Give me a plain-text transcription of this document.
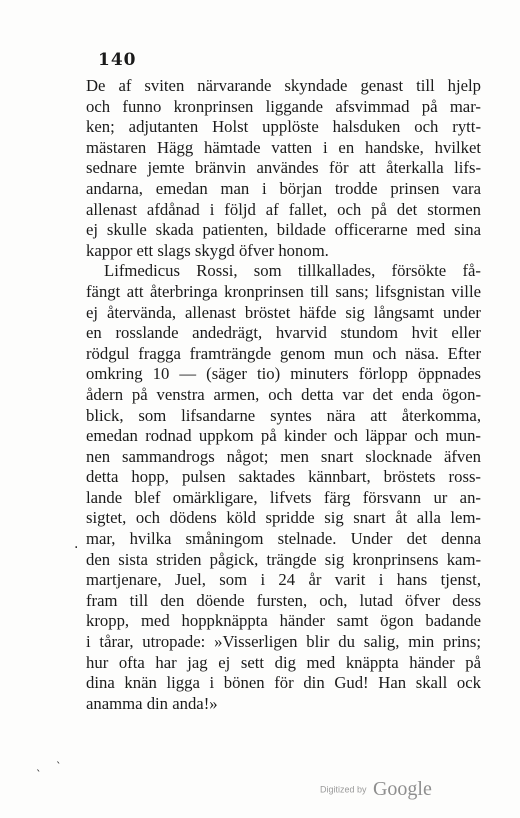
140
De af sviten närvarande skyndade genast till hjelp
och funno kronprinsen liggande afsvimmad på mar-
ken; adjutanten Holst upplöste halsduken och rytt-
mästaren Hägg hämtade vatten i en handske, hvilket
sednare jemte bränvin användes för att återkalla lifs-
andarna, emedan man i början trodde prinsen vara
allenast afdånad i följd af fallet, och på det stormen
ej skulle skada patienten, bildade officerarne med sina
kappor ett slags skygd öfver honom.
Lifmedicus Rossi, som tillkallades, försökte få-
fängt att återbringa kronprinsen till sans; lifsgnistan ville
ej återvända, allenast bröstet häfde sig långsamt under
en rosslande andedrägt, hvarvid stundom hvit eller
rödgul fragga framträngde genom mun och näsa. Efter
omkring 10 — (säger tio) minuters förlopp öppnades
ådern på venstra armen, och detta var det enda ögon-
blick, som lifsandarne syntes nära att återkomma,
emedan rodnad uppkom på kinder och läppar och mun-
nen sammandrogs något; men snart slocknade äfven
detta hopp, pulsen saktades kännbart, bröstets ross-
lande blef omärkligare, lifvets färg försvann ur an-
sigtet, och dödens köld spridde sig snart åt alla lem-
mar, hvilka småningom stelnade. Under det denna
den sista striden pågick, trängde sig kronprinsens kam-
martjenare, Juel, som i 24 år varit i hans tjenst,
fram till den döende fursten, och, lutad öfver dess
kropp, med hoppknäppta händer samt ögon badande
i tårar, utropade: »Visserligen blir du salig, min prins;
hur ofta har jag ej sett dig med knäppta händer på
dina knän ligga i bönen för din Gud! Han skall ock
anamma din anda!»
·
ˋ
ˋ
Digitized by Google
